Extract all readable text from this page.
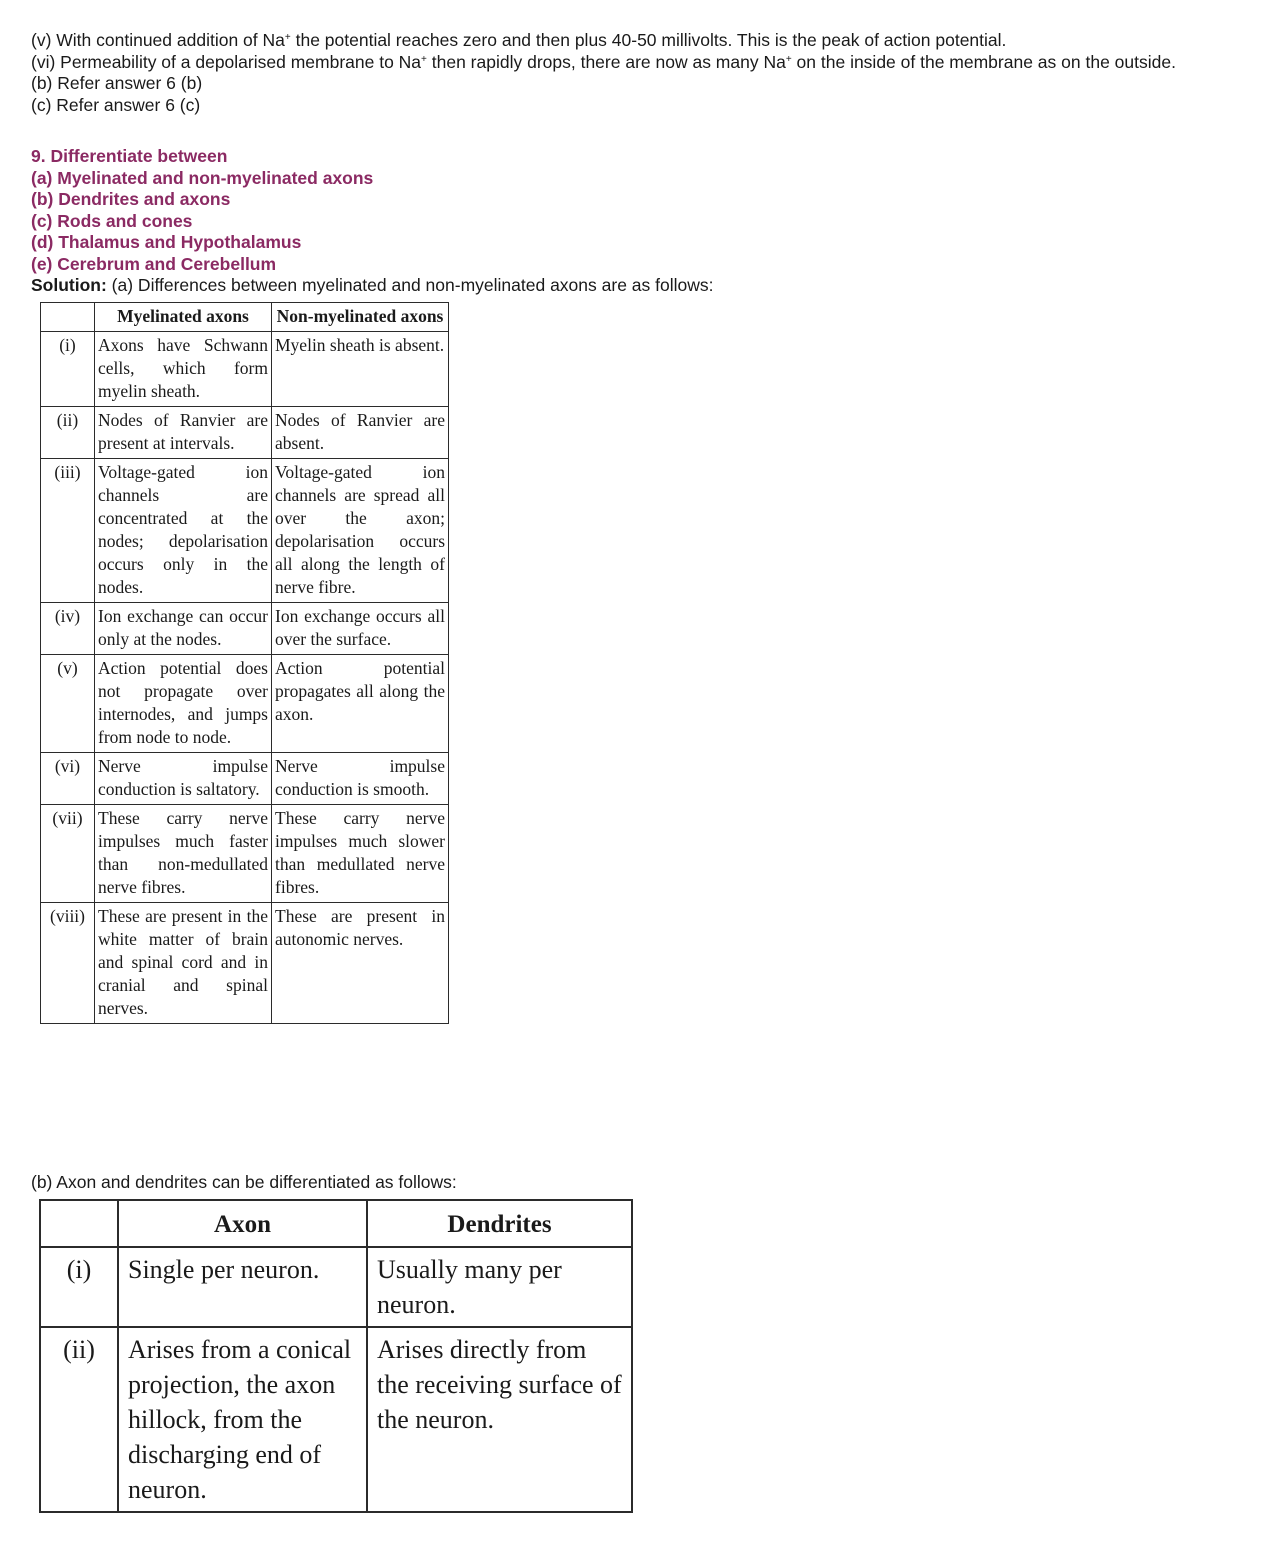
(v) With continued addition of Na+ the potential reaches zero and then plus 40-50 millivolts. This is the peak of action potential.
(vi) Permeability of a depolarised membrane to Na+ then rapidly drops, there are now as many Na+ on the inside of the membrane as on the outside.
(b) Refer answer 6 (b)
(c) Refer answer 6 (c)
9. Differentiate between
(a) Myelinated and non-myelinated axons
(b) Dendrites and axons
(c) Rods and cones
(d) Thalamus and Hypothalamus
(e) Cerebrum and Cerebellum
Solution: (a) Differences between myelinated and non-myelinated axons are as follows:
	Myelinated axons	Non-myelinated axons
(i)	Axons have Schwann cells, which form myelin sheath.	Myelin sheath is absent.
(ii)	Nodes of Ranvier are present at intervals.	Nodes of Ranvier are absent.
(iii)	Voltage-gated ion channels are concentrated at the nodes; depolarisation occurs only in the nodes.	Voltage-gated ion channels are spread all over the axon; depolarisation occurs all along the length of nerve fibre.
(iv)	Ion exchange can occur only at the nodes.	Ion exchange occurs all over the surface.
(v)	Action potential does not propagate over internodes, and jumps from node to node.	Action potential propagates all along the axon.
(vi)	Nerve impulse conduction is saltatory.	Nerve impulse conduction is smooth.
(vii)	These carry nerve impulses much faster than non-medullated nerve fibres.	These carry nerve impulses much slower than medullated nerve fibres.
(viii)	These are present in the white matter of brain and spinal cord and in cranial and spinal nerves.	These are present in autonomic nerves.
(b) Axon and dendrites can be differentiated as follows:
	Axon	Dendrites
(i)	Single per neuron.	Usually many per neuron.
(ii)	Arises from a conical projection, the axon hillock, from the discharging end of neuron.	Arises directly from the receiving surface of the neuron.
